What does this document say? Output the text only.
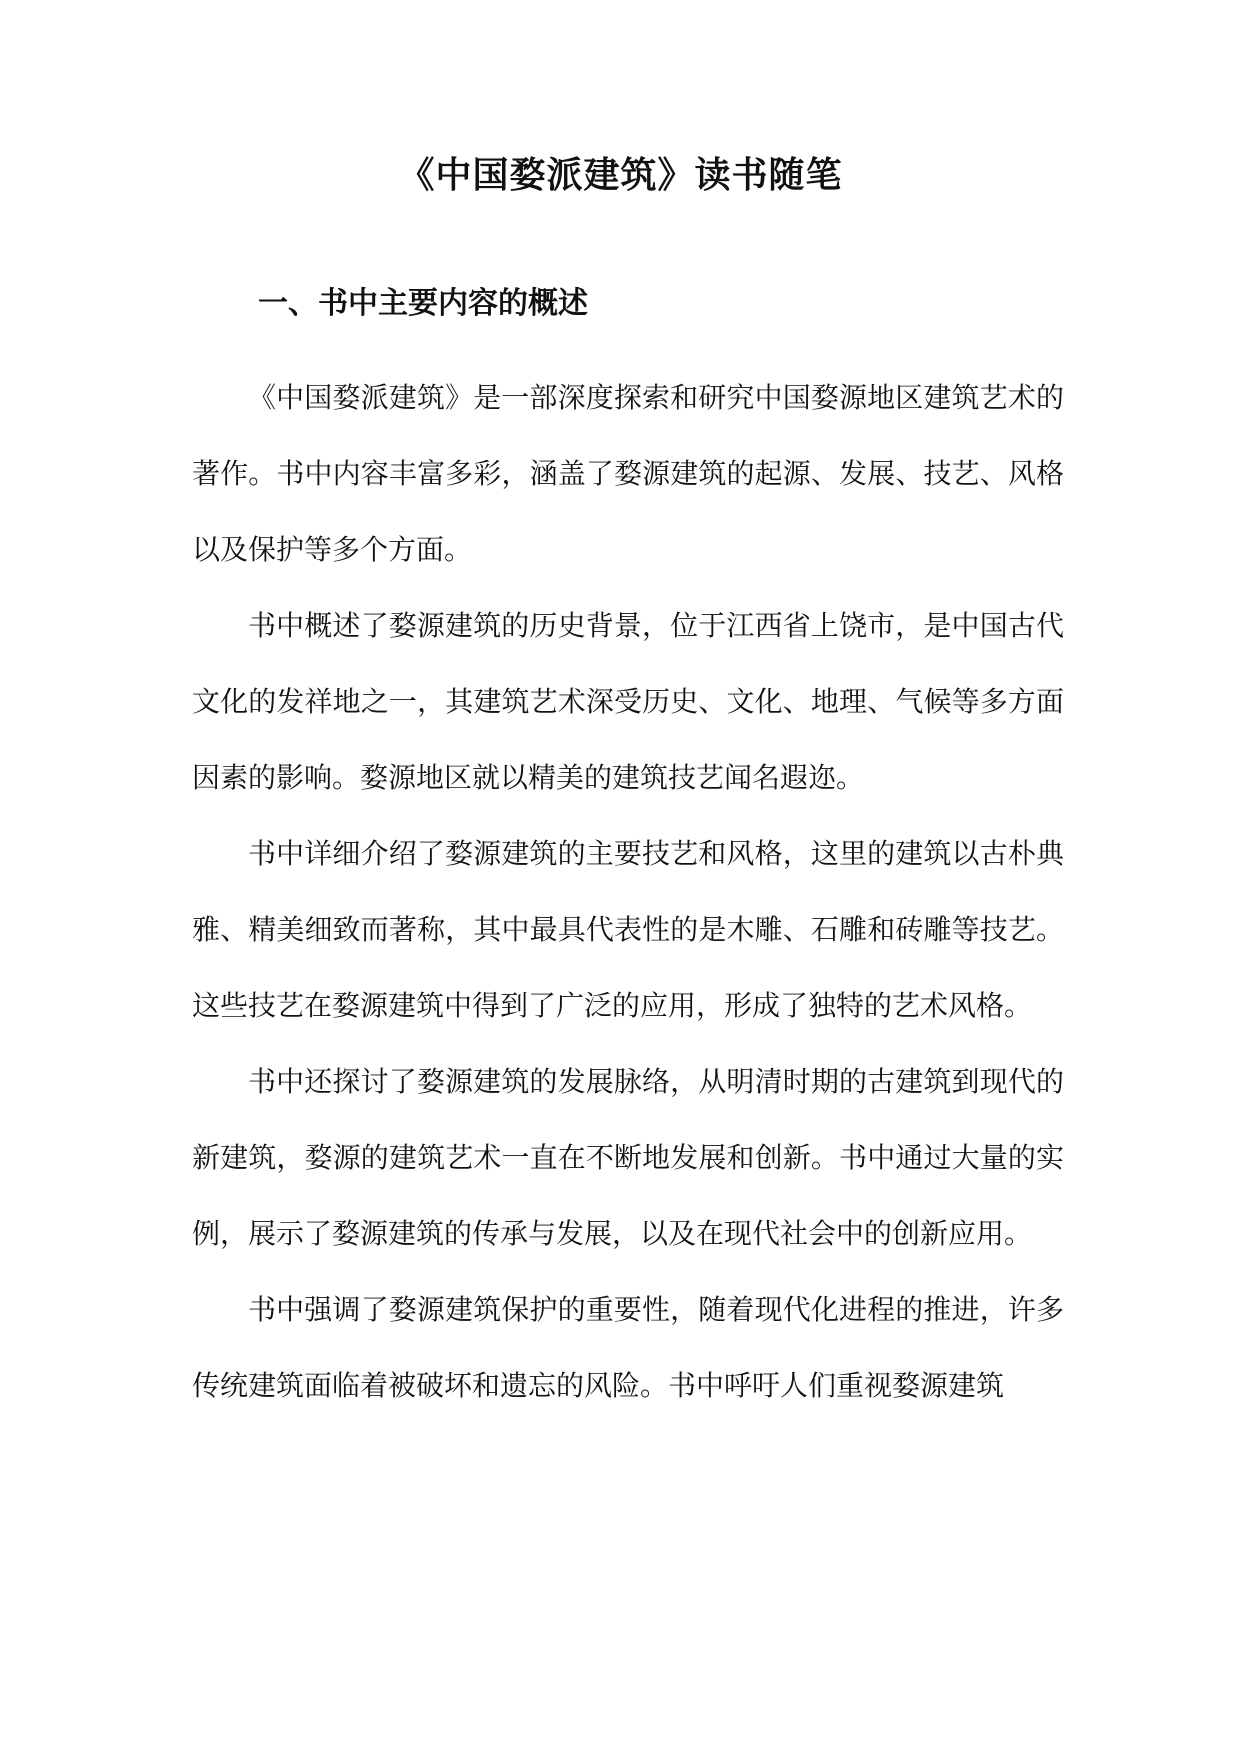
《中国婺派建筑》读书随笔
一、书中主要内容的概述

《中国婺派建筑》是一部深度探索和研究中国婺源地区建筑艺术的著作。书中内容丰富多彩，涵盖了婺源建筑的起源、发展、技艺、风格以及保护等多个方面。

书中概述了婺源建筑的历史背景，位于江西省上饶市，是中国古代文化的发祥地之一，其建筑艺术深受历史、文化、地理、气候等多方面因素的影响。婺源地区就以精美的建筑技艺闻名遐迩。

书中详细介绍了婺源建筑的主要技艺和风格，这里的建筑以古朴典雅、精美细致而著称，其中最具代表性的是木雕、石雕和砖雕等技艺。这些技艺在婺源建筑中得到了广泛的应用，形成了独特的艺术风格。

书中还探讨了婺源建筑的发展脉络，从明清时期的古建筑到现代的新建筑，婺源的建筑艺术一直在不断地发展和创新。书中通过大量的实例，展示了婺源建筑的传承与发展，以及在现代社会中的创新应用。

书中强调了婺源建筑保护的重要性，随着现代化进程的推进，许多传统建筑面临着被破坏和遗忘的风险。书中呼吁人们重视婺源建筑
